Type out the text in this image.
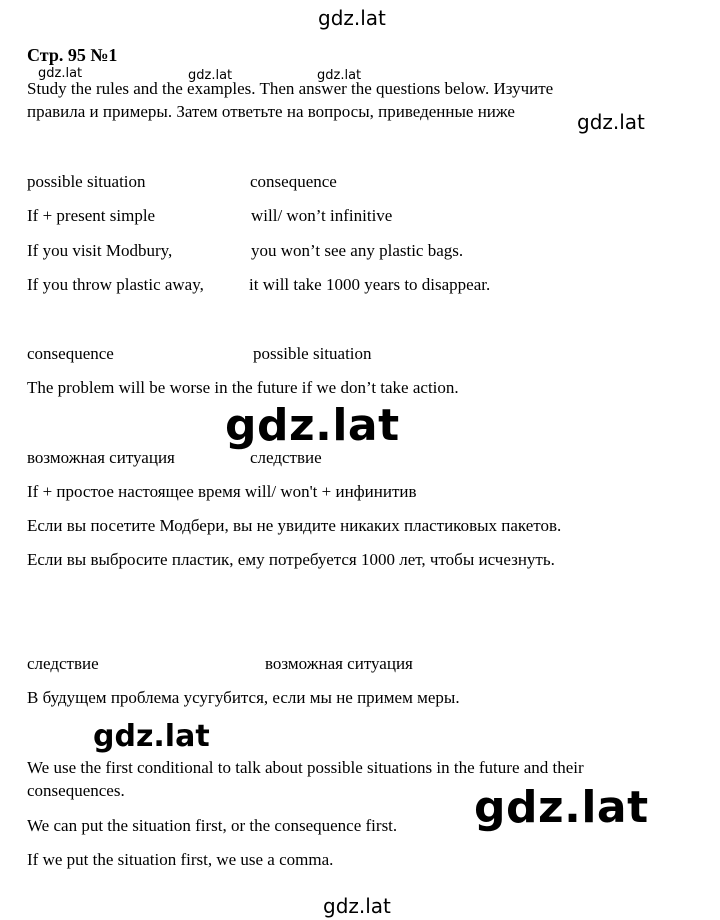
gdz.lat
gdz.lat	gdz.lat	gdz.lat
gdz.lat
gdz.lat
gdz.lat
gdz.lat
gdz.lat
Стр. 95 №1
Study the rules and the examples. Then answer the questions below. Изучите
правила и примеры. Затем ответьте на вопросы, приведенные ниже
possible situation	consequence
If + present simple	will/ won’t infinitive
If you visit Modbury,	you won’t see any plastic bags.
If you throw plastic away,	it will take 1000 years to disappear.
consequence	possible situation
The problem will be worse in the future if we don’t take action.
возможная ситуация	следствие
If + простое настоящее время will/ won't + инфинитив
Если вы посетите Модбери, вы не увидите никаких пластиковых пакетов.
Если вы выбросите пластик, ему потребуется 1000 лет, чтобы исчезнуть.
следствие	возможная ситуация
В будущем проблема усугубится, если мы не примем меры.
We use the first conditional to talk about possible situations in the future and their
consequences.
We can put the situation first, or the consequence first.
If we put the situation first, we use a comma.
